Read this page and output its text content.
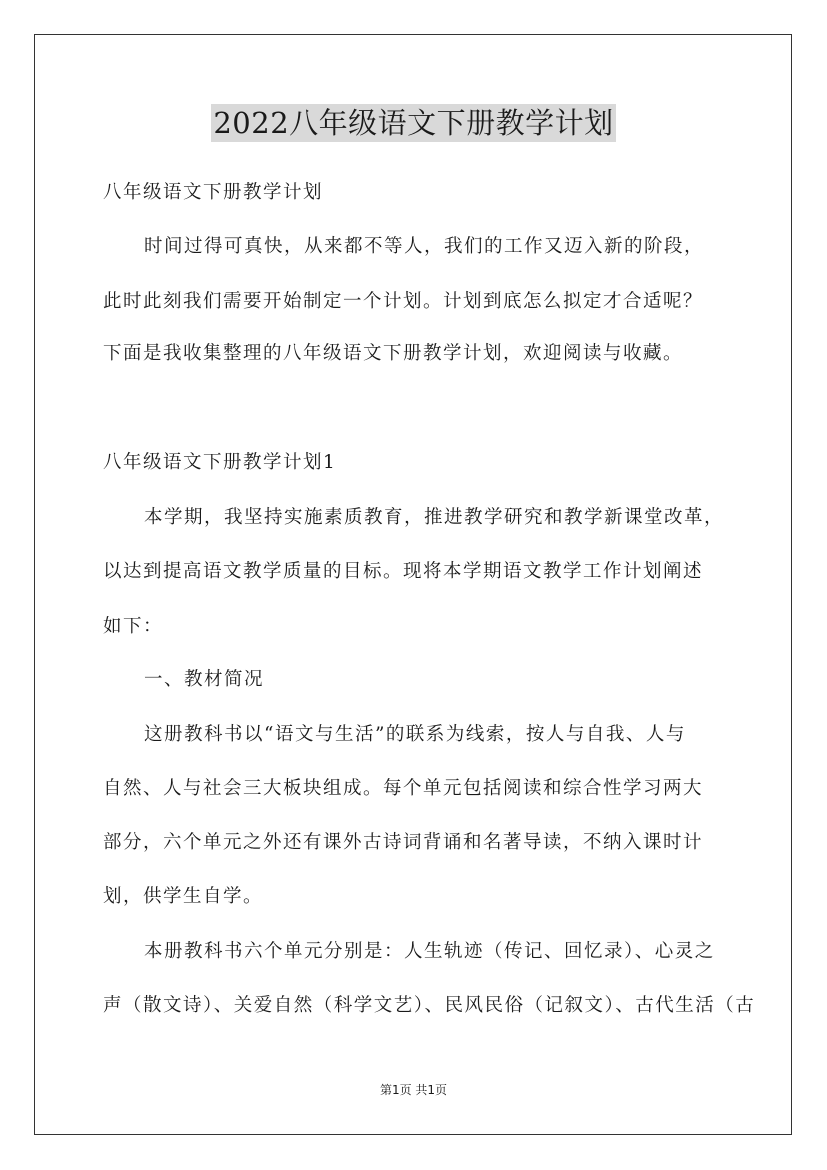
2022八年级语文下册教学计划

八年级语文下册教学计划

时间过得可真快，从来都不等人，我们的工作又迈入新的阶段，

此时此刻我们需要开始制定一个计划。计划到底怎么拟定才合适呢？

下面是我收集整理的八年级语文下册教学计划，欢迎阅读与收藏。

八年级语文下册教学计划1

本学期，我坚持实施素质教育，推进教学研究和教学新课堂改革，

以达到提高语文教学质量的目标。现将本学期语文教学工作计划阐述

如下：

一、教材简况

这册教科书以“语文与生活”的联系为线索，按人与自我、人与

自然、人与社会三大板块组成。每个单元包括阅读和综合性学习两大

部分，六个单元之外还有课外古诗词背诵和名著导读，不纳入课时计

划，供学生自学。

本册教科书六个单元分别是：人生轨迹（传记、回忆录）、心灵之

声（散文诗）、关爱自然（科学文艺）、民风民俗（记叙文）、古代生活（古

第1页 共1页
